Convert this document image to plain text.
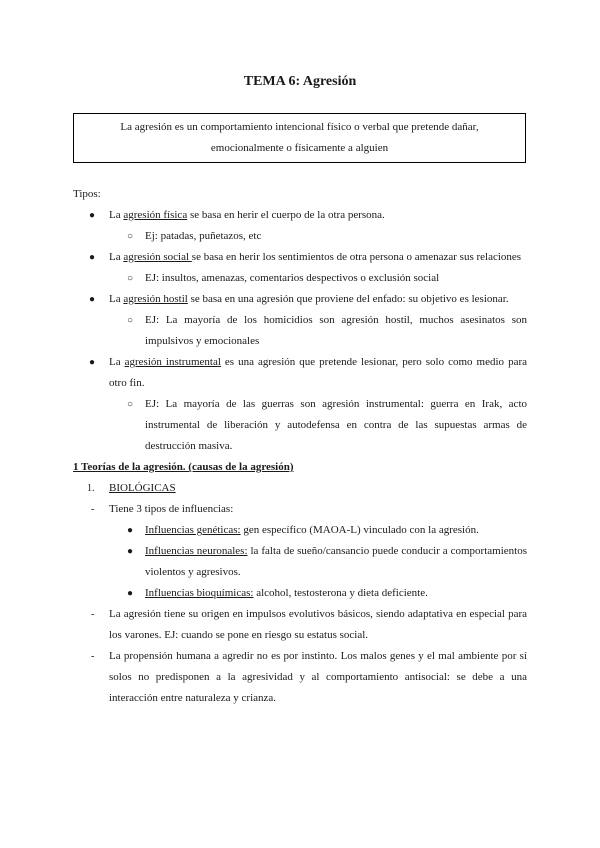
TEMA 6: Agresión

La agresión es un comportamiento intencional físico o verbal que pretende dañar,

emocionalmente o físicamente a alguien

Tipos:

● La agresión física se basa en herir el cuerpo de la otra persona.
○ Ej: patadas, puñetazos, etc
● La agresión social se basa en herir los sentimientos de otra persona o amenazar sus relaciones
○ EJ: insultos, amenazas, comentarios despectivos o exclusión social
● La agresión hostil se basa en una agresión que proviene del enfado: su objetivo es lesionar.
○ EJ: La mayoría de los homicidios son agresión hostil, muchos asesinatos son impulsivos y emocionales
● La agresión instrumental es una agresión que pretende lesionar, pero solo como medio para otro fin.
○ EJ: La mayoría de las guerras son agresión instrumental: guerra en Irak, acto instrumental de liberación y autodefensa en contra de las supuestas armas de destrucción masiva.

1 Teorías de la agresión. (causas de la agresión)

1. BIOLÓGICAS
- Tiene 3 tipos de influencias:
● Influencias genéticas: gen específico (MAOA-L) vinculado con la agresión.
● Influencias neuronales: la falta de sueño/cansancio puede conducir a comportamientos violentos y agresivos.
● Influencias bioquímicas: alcohol, testosterona y dieta deficiente.
- La agresión tiene su origen en impulsos evolutivos básicos, siendo adaptativa en especial para los varones. EJ: cuando se pone en riesgo su estatus social.
- La propensión humana a agredir no es por instinto. Los malos genes y el mal ambiente por sí solos no predisponen a la agresividad y al comportamiento antisocial: se debe a una interacción entre naturaleza y crianza.
